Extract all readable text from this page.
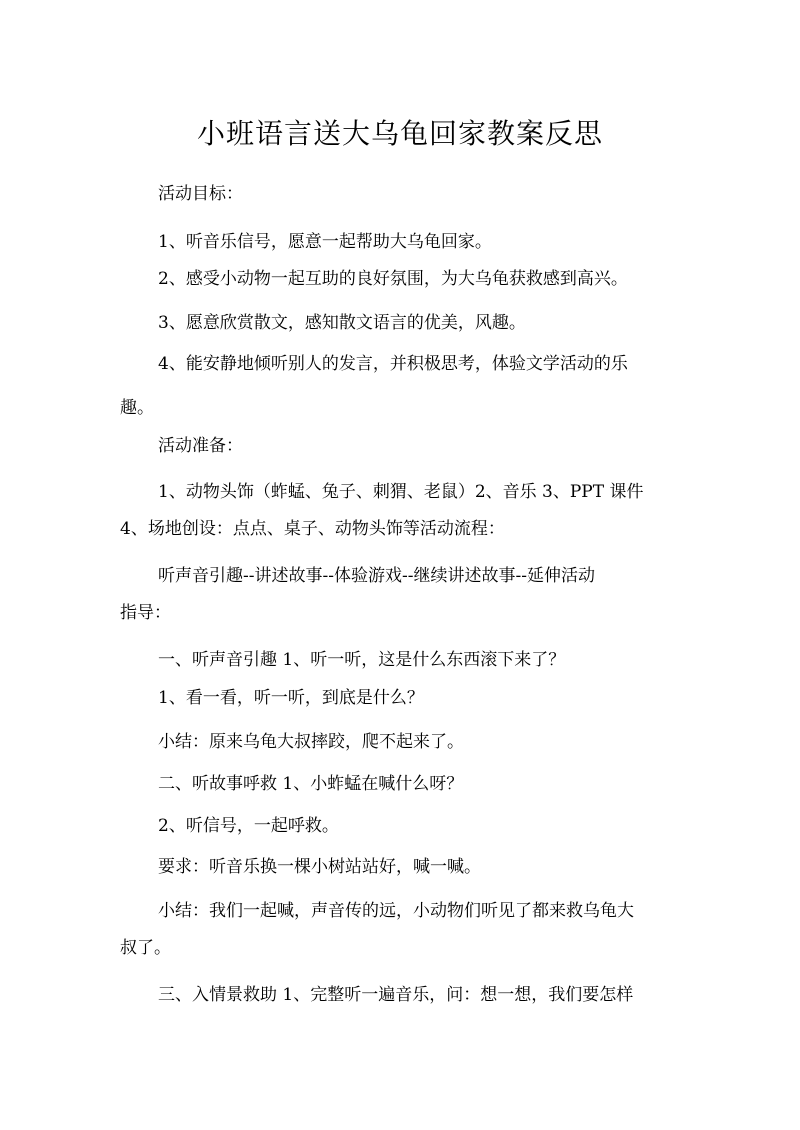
小班语言送大乌龟回家教案反思
活动目标：
1、听音乐信号，愿意一起帮助大乌龟回家。
2、感受小动物一起互助的良好氛围，为大乌龟获救感到高兴。
3、愿意欣赏散文，感知散文语言的优美，风趣。
4、能安静地倾听别人的发言，并积极思考，体验文学活动的乐
趣。
活动准备：
1、动物头饰（蚱蜢、兔子、刺猬、老鼠）2、音乐 3、PPT 课件
4、场地创设：点点、桌子、动物头饰等活动流程：
听声音引趣--讲述故事--体验游戏--继续讲述故事--延伸活动
指导：
一、听声音引趣 1、听一听，这是什么东西滚下来了？
1、看一看，听一听，到底是什么？
小结：原来乌龟大叔摔跤，爬不起来了。
二、听故事呼救 1、小蚱蜢在喊什么呀？
2、听信号，一起呼救。
要求：听音乐换一棵小树站站好，喊一喊。
小结：我们一起喊，声音传的远，小动物们听见了都来救乌龟大
叔了。
三、入情景救助 1、完整听一遍音乐，问：想一想，我们要怎样
